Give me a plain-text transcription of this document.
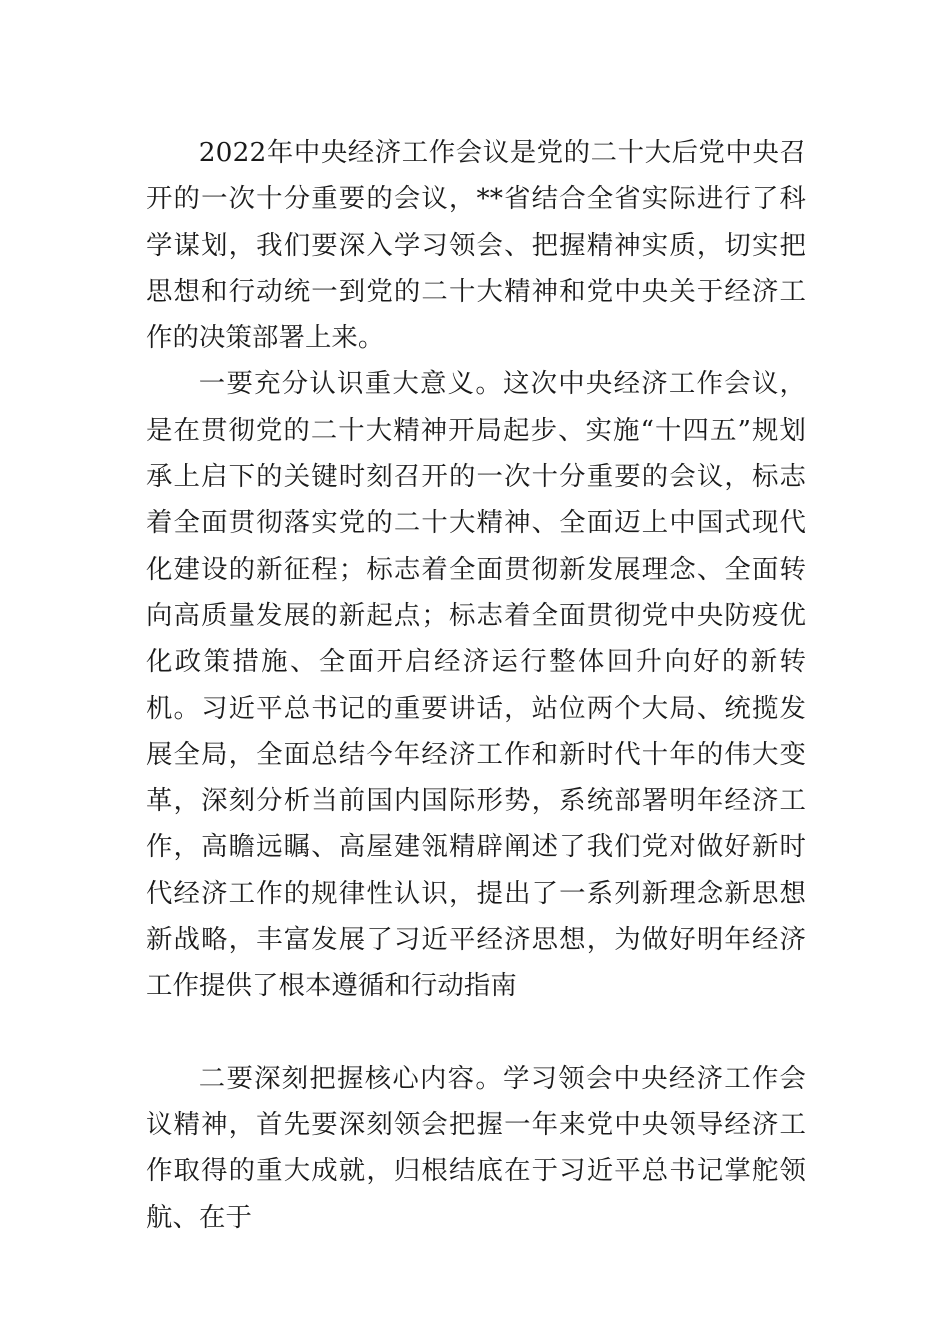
2022年中央经济工作会议是党的二十大后党中央召开的一次十分重要的会议，**省结合全省实际进行了科学谋划，我们要深入学习领会、把握精神实质，切实把思想和行动统一到党的二十大精神和党中央关于经济工作的决策部署上来。

一要充分认识重大意义。这次中央经济工作会议，是在贯彻党的二十大精神开局起步、实施“十四五”规划承上启下的关键时刻召开的一次十分重要的会议，标志着全面贯彻落实党的二十大精神、全面迈上中国式现代化建设的新征程；标志着全面贯彻新发展理念、全面转向高质量发展的新起点；标志着全面贯彻党中央防疫优化政策措施、全面开启经济运行整体回升向好的新转机。习近平总书记的重要讲话，站位两个大局、统揽发展全局，全面总结今年经济工作和新时代十年的伟大变革，深刻分析当前国内国际形势，系统部署明年经济工作，高瞻远瞩、高屋建瓴精辟阐述了我们党对做好新时代经济工作的规律性认识，提出了一系列新理念新思想新战略，丰富发展了习近平经济思想，为做好明年经济工作提供了根本遵循和行动指南

二要深刻把握核心内容。学习领会中央经济工作会议精神，首先要深刻领会把握一年来党中央领导经济工作取得的重大成就，归根结底在于习近平总书记掌舵领航、在于
